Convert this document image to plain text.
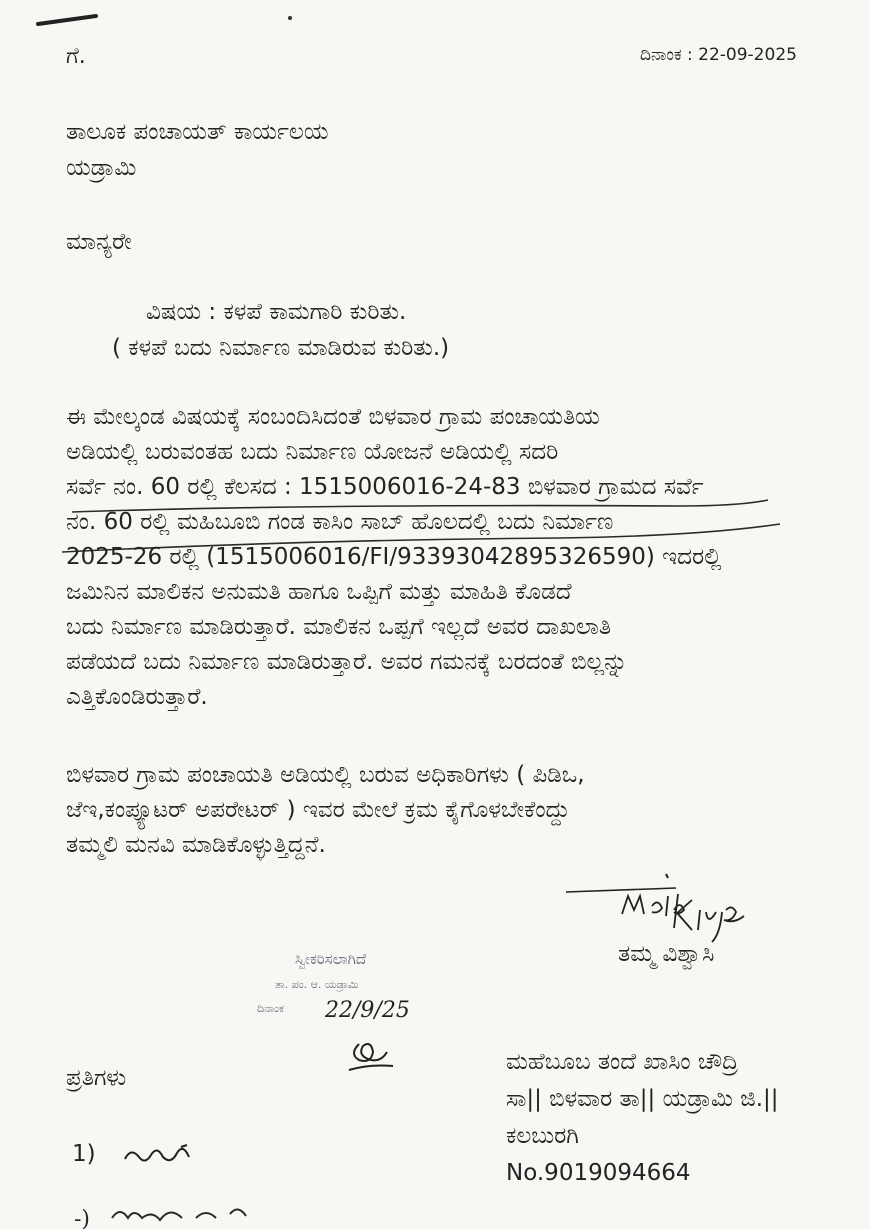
-)
ಗೆ.	ದಿನಾಂಕ : 22-09-2025
ತಾಲೂಕ ಪಂಚಾಯತ್ ಕಾರ್ಯಲಯ
ಯಡ್ರಾಮಿ
ಮಾನ್ಯರೇ
ವಿಷಯ : ಕಳಪೆ ಕಾಮಗಾರಿ ಕುರಿತು.
( ಕಳಪೆ ಬದು ನಿರ್ಮಾಣ ಮಾಡಿರುವ ಕುರಿತು.)
ಈ ಮೇಲ್ಕಂಡ ವಿಷಯಕ್ಕೆ ಸಂಬಂದಿಸಿದಂತೆ ಬಿಳವಾರ ಗ್ರಾಮ ಪಂಚಾಯತಿಯ
ಅಡಿಯಲ್ಲಿ ಬರುವಂತಹ ಬದು ನಿರ್ಮಾಣ ಯೋಜನೆ ಅಡಿಯಲ್ಲಿ ಸದರಿ
ಸರ್ವೆ ನಂ. 60 ರಲ್ಲಿ ಕೆಲಸದ : 1515006016-24-83 ಬಿಳವಾರ ಗ್ರಾಮದ ಸರ್ವೆ
ನಂ. 60 ರಲ್ಲಿ ಮಹಿಬೂಬಿ ಗಂಡ ಕಾಸಿಂ ಸಾಬ್ ಹೊಲದಲ್ಲಿ ಬದು ನಿರ್ಮಾಣ
2025-26 ರಲ್ಲಿ (1515006016/FI/93393042895326590) ಇದರಲ್ಲಿ
ಜಮಿನಿನ ಮಾಲಿಕನ ಅನುಮತಿ ಹಾಗೂ ಒಪ್ಪಿಗೆ ಮತ್ತು ಮಾಹಿತಿ ಕೊಡದೆ
ಬದು ನಿರ್ಮಾಣ ಮಾಡಿರುತ್ತಾರೆ. ಮಾಲಿಕನ ಒಪ್ಪಗೆ ಇಲ್ಲದೆ ಅವರ ದಾಖಲಾತಿ
ಪಡೆಯದೆ ಬದು ನಿರ್ಮಾಣ ಮಾಡಿರುತ್ತಾರೆ. ಅವರ ಗಮನಕ್ಕೆ ಬರದಂತೆ ಬಿಲ್ಲನ್ನು
ಎತ್ತಿಕೊಂಡಿರುತ್ತಾರೆ.
ಬಿಳವಾರ ಗ್ರಾಮ ಪಂಚಾಯತಿ ಅಡಿಯಲ್ಲಿ ಬರುವ ಅಧಿಕಾರಿಗಳು ( ಪಿಡಿಒ,
ಜೆಇ,ಕಂಪ್ಯೂಟರ್ ಅಪರೇಟರ್ ) ಇವರ ಮೇಲೆ ಕ್ರಮ ಕೈಗೊಳಬೇಕೆಂದ್ದು
ತಮ್ಮಲಿ ಮನವಿ ಮಾಡಿಕೊಳ್ಳುತ್ತಿದ್ದನೆ.
ತಮ್ಮ ವಿಶ್ವಾಸಿ
ಸ್ವೀಕರಿಸಲಾಗಿದೆ
ತಾ. ಪಂ. ಆ. ಯಡ್ರಾಮಿ
ದಿನಾಂಕ 22/9/25
ಮಹೆಬೂಬ ತಂದೆ ಖಾಸಿಂ ಚೌದ್ರಿ
ಸಾ|| ಬಿಳವಾರ ತಾ|| ಯಡ್ರಾಮಿ ಜಿ.||
ಕಲಬುರಗಿ
No.9019094664
ಪ್ರತಿಗಳು
1)
